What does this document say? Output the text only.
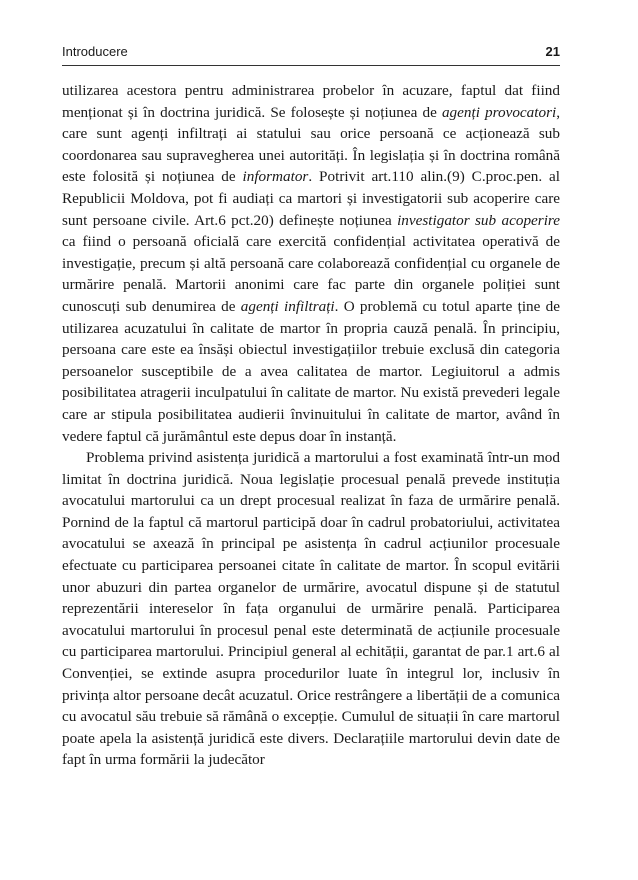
Introducere	21

utilizarea acestora pentru administrarea probelor în acuzare, faptul dat fiind menționat și în doctrina juridică. Se folosește și noțiunea de agenți provocatori, care sunt agenți infiltrați ai statului sau orice persoană ce acționează sub coordonarea sau supravegherea unei autorități. În legislația și în doctrina română este folosită și noțiunea de informator. Potrivit art.110 alin.(9) C.proc.pen. al Republicii Moldova, pot fi audiați ca martori și investigatorii sub acoperire care sunt persoane civile. Art.6 pct.20) definește noțiunea investigator sub acoperire ca fiind o persoană oficială care exercită confidențial activitatea operativă de investigație, precum și altă persoană care colaborează confidențial cu organele de urmărire penală. Martorii anonimi care fac parte din organele poliției sunt cunoscuți sub denumirea de agenți infiltrați. O problemă cu totul aparte ține de utilizarea acuzatului în calitate de martor în propria cauză penală. În principiu, persoana care este ea însăși obiectul investigațiilor trebuie exclusă din categoria persoanelor susceptibile de a avea calitatea de martor. Legiuitorul a admis posibilitatea atragerii inculpatului în calitate de martor. Nu există prevederi legale care ar stipula posibilitatea audierii învinuitului în calitate de martor, având în vedere faptul că jurământul este depus doar în instanță.

Problema privind asistența juridică a martorului a fost examinată într-un mod limitat în doctrina juridică. Noua legislație procesual penală prevede instituția avocatului martorului ca un drept procesual realizat în faza de urmărire penală. Pornind de la faptul că martorul participă doar în cadrul probatoriului, activitatea avocatului se axează în principal pe asistența în cadrul acțiunilor procesuale efectuate cu participarea persoanei citate în calitate de martor. În scopul evitării unor abuzuri din partea organelor de urmărire, avocatul dispune și de statutul reprezentării intereselor în fața organului de urmărire penală. Participarea avocatului martorului în procesul penal este determinată de acțiunile procesuale cu participarea martorului. Principiul general al echității, garantat de par.1 art.6 al Convenției, se extinde asupra procedurilor luate în integrul lor, inclusiv în privința altor persoane decât acuzatul. Orice restrângere a libertății de a comunica cu avocatul său trebuie să rămână o excepție. Cumulul de situații în care martorul poate apela la asistență juridică este divers. Declarațiile martorului devin date de fapt în urma formării la judecător
